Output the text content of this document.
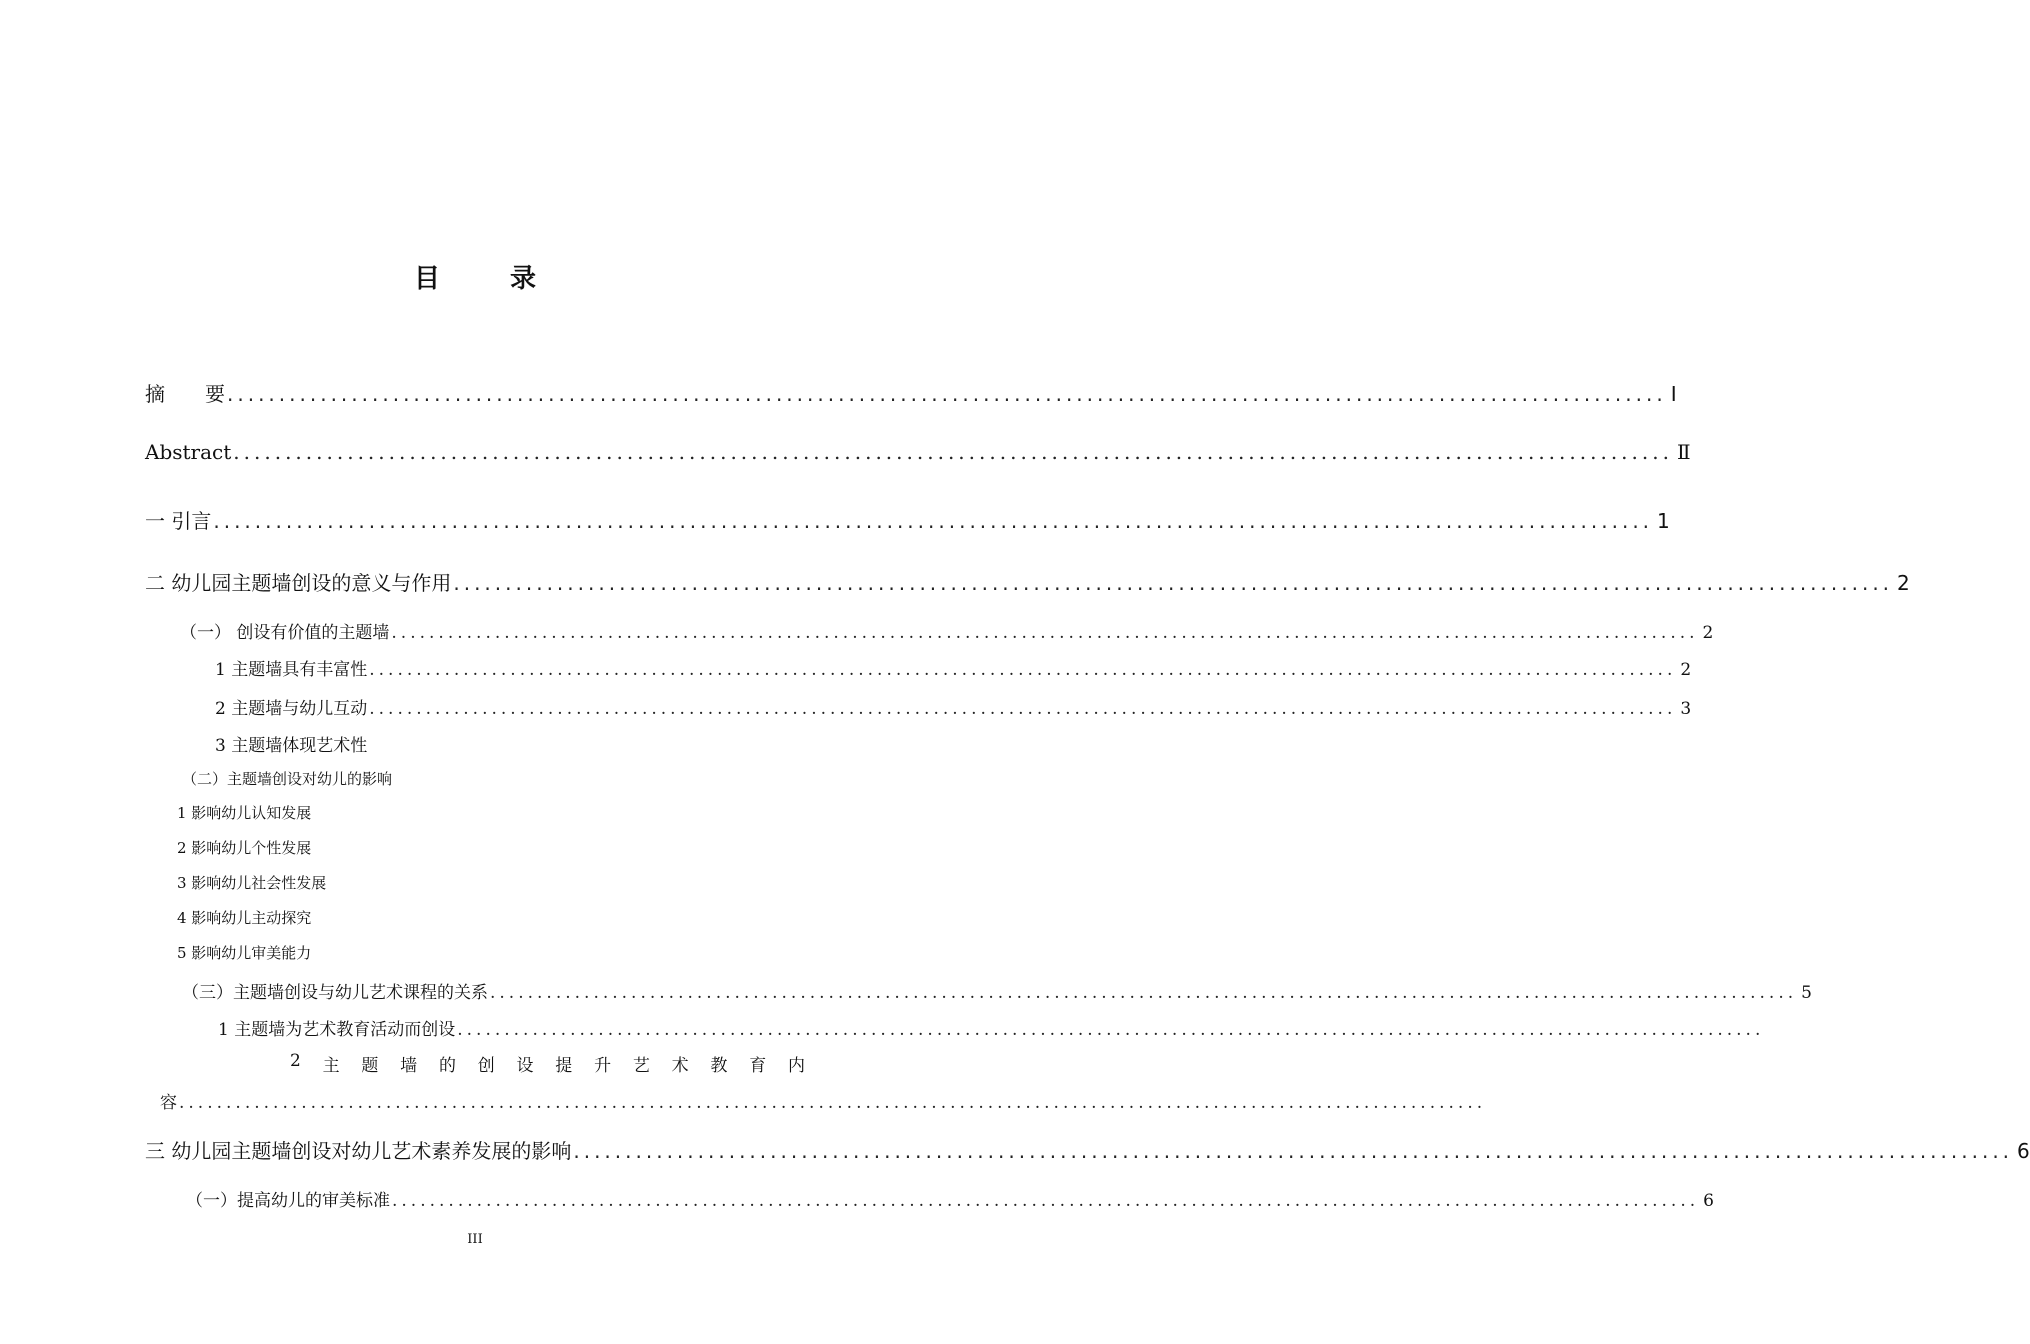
目　录
摘　　要 ........................................................................................................................................... Ⅰ
Abstract ........................................................................................................................................... Ⅱ
一 引言 ........................................................................................................................................... 1
二 幼儿园主题墙创设的意义与作用 ........................................................................................................................................... 2
（一） 创设有价值的主题墙 ........................................................................................................................................... 2
1 主题墙具有丰富性 ........................................................................................................................................... 2
2 主题墙与幼儿互动 ........................................................................................................................................... 3
3 主题墙体现艺术性
（二）主题墙创设对幼儿的影响
1 影响幼儿认知发展
2 影响幼儿个性发展
3 影响幼儿社会性发展
4 影响幼儿主动探究
5 影响幼儿审美能力
（三）主题墙创设与幼儿艺术课程的关系 ........................................................................................................................................... 5
1 主题墙为艺术教育活动而创设 ...........................................................................................................................................
2 主 题 墙 的 创 设 提 升 艺 术 教 育 内
容 ...........................................................................................................................................
三 幼儿园主题墙创设对幼儿艺术素养发展的影响 ........................................................................................................................................... 6
（一）提高幼儿的审美标准 ........................................................................................................................................... 6
III
